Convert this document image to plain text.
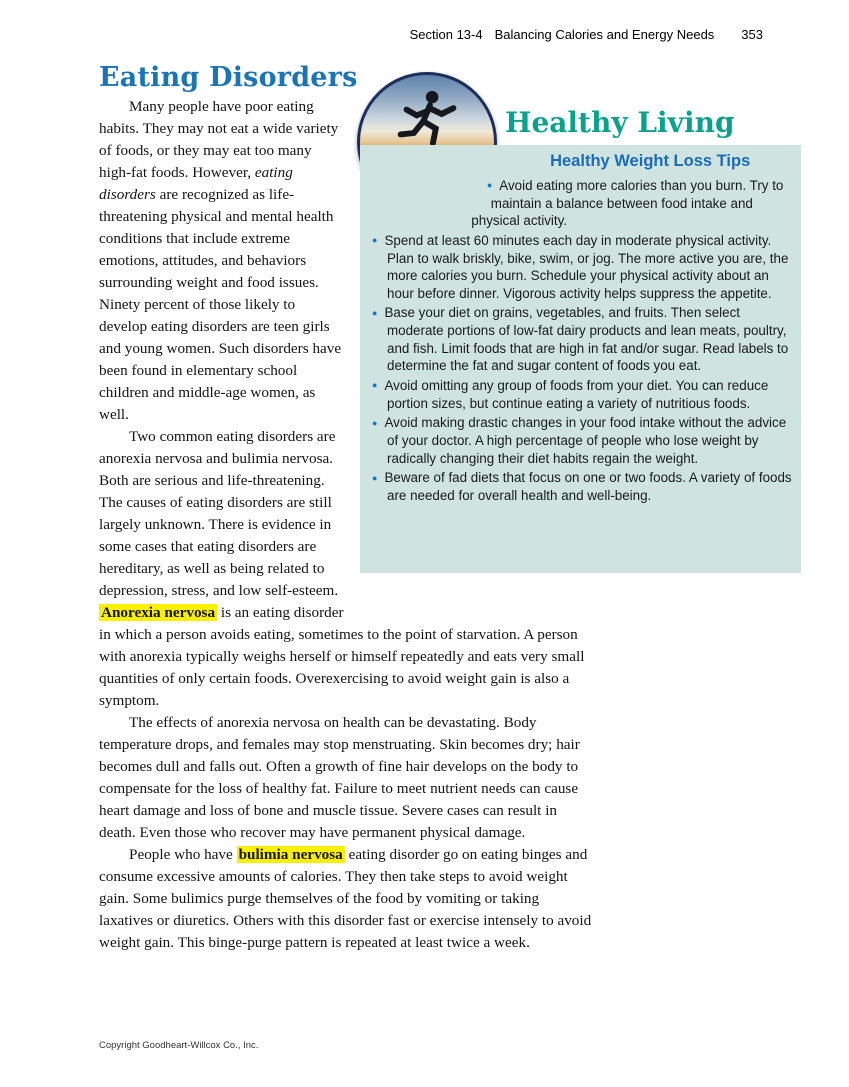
Section 13-4 Balancing Calories and Energy Needs 353
Eating Disorders
Healthy Living
Healthy Weight Loss Tips
● Avoid eating more calories than you burn. Try to maintain a balance between food intake and physical activity.
● Spend at least 60 minutes each day in moderate physical activity. Plan to walk briskly, bike, swim, or jog. The more active you are, the more calories you burn. Schedule your physical activity about an hour before dinner. Vigorous activity helps suppress the appetite.
● Base your diet on grains, vegetables, and fruits. Then select moderate portions of low-fat dairy products and lean meats, poultry, and fish. Limit foods that are high in fat and/or sugar. Read labels to determine the fat and sugar content of foods you eat.
● Avoid omitting any group of foods from your diet. You can reduce portion sizes, but continue eating a variety of nutritious foods.
● Avoid making drastic changes in your food intake without the advice of your doctor. A high percentage of people who lose weight by radically changing their diet habits regain the weight.
● Beware of fad diets that focus on one or two foods. A variety of foods are needed for overall health and well-being.

Many people have poor eating habits. They may not eat a wide variety of foods, or they may eat too many high-fat foods. However, eating disorders are recognized as life-threatening physical and mental health conditions that include extreme emotions, attitudes, and behaviors surrounding weight and food issues. Ninety percent of those likely to develop eating disorders are teen girls and young women. Such disorders have been found in elementary school children and middle-age women, as well.

Two common eating disorders are anorexia nervosa and bulimia nervosa. Both are serious and life-threatening. The causes of eating disorders are still largely unknown. There is evidence in some cases that eating disorders are hereditary, as well as being related to depression, stress, and low self-esteem. Anorexia nervosa is an eating disorder in which a person avoids eating, sometimes to the point of starvation. A person with anorexia typically weighs herself or himself repeatedly and eats very small quantities of only certain foods. Overexercising to avoid weight gain is also a symptom.

The effects of anorexia nervosa on health can be devastating. Body temperature drops, and females may stop menstruating. Skin becomes dry; hair becomes dull and falls out. Often a growth of fine hair develops on the body to compensate for the loss of healthy fat. Failure to meet nutrient needs can cause heart damage and loss of bone and muscle tissue. Severe cases can result in death. Even those who recover may have permanent physical damage.

People who have bulimia nervosa eating disorder go on eating binges and consume excessive amounts of calories. They then take steps to avoid weight gain. Some bulimics purge themselves of the food by vomiting or taking laxatives or diuretics. Others with this disorder fast or exercise intensely to avoid weight gain. This binge-purge pattern is repeated at least twice a week.

Copyright Goodheart-Willcox Co., Inc.
